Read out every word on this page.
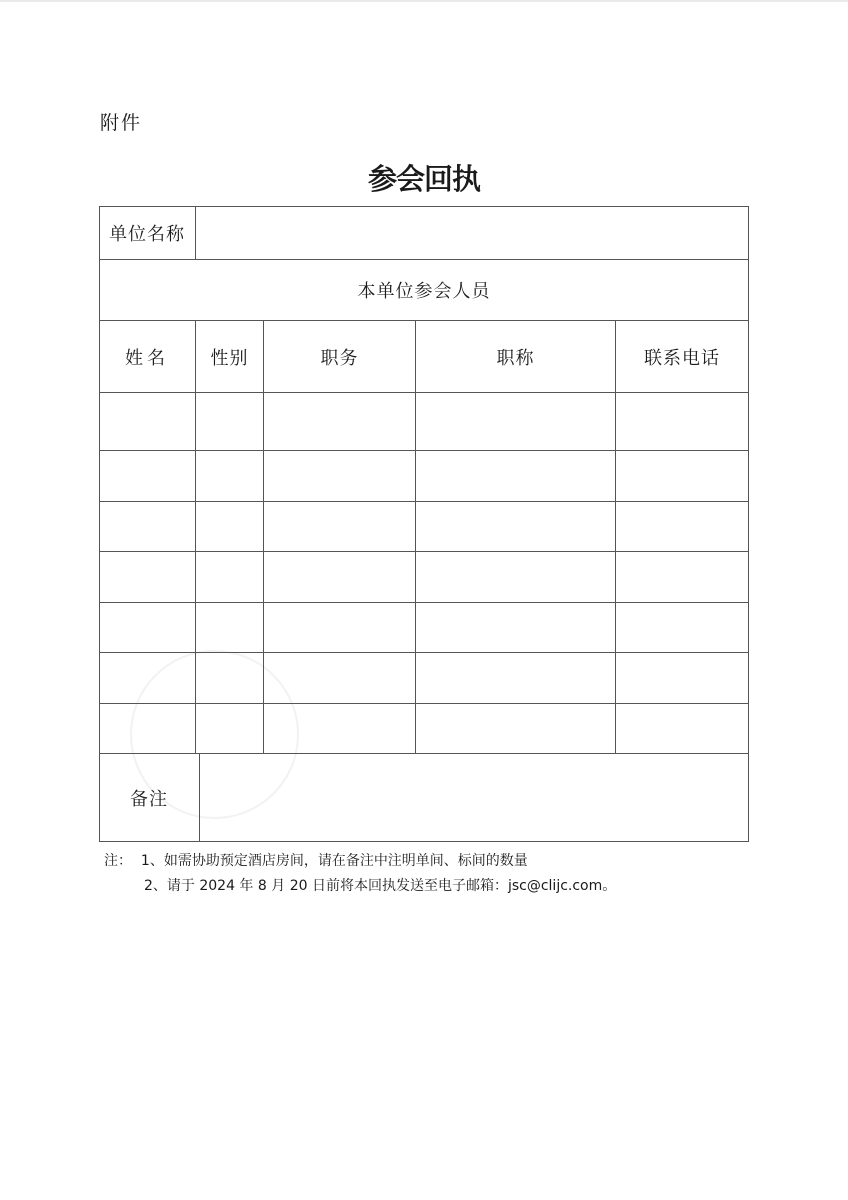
附件
参会回执
单位名称
本单位参会人员
姓名	性别	职务	职称	联系电话
备注
注： 1、如需协助预定酒店房间，请在备注中注明单间、标间的数量
2、请于 2024 年 8 月 20 日前将本回执发送至电子邮箱：jsc@clijc.com。
